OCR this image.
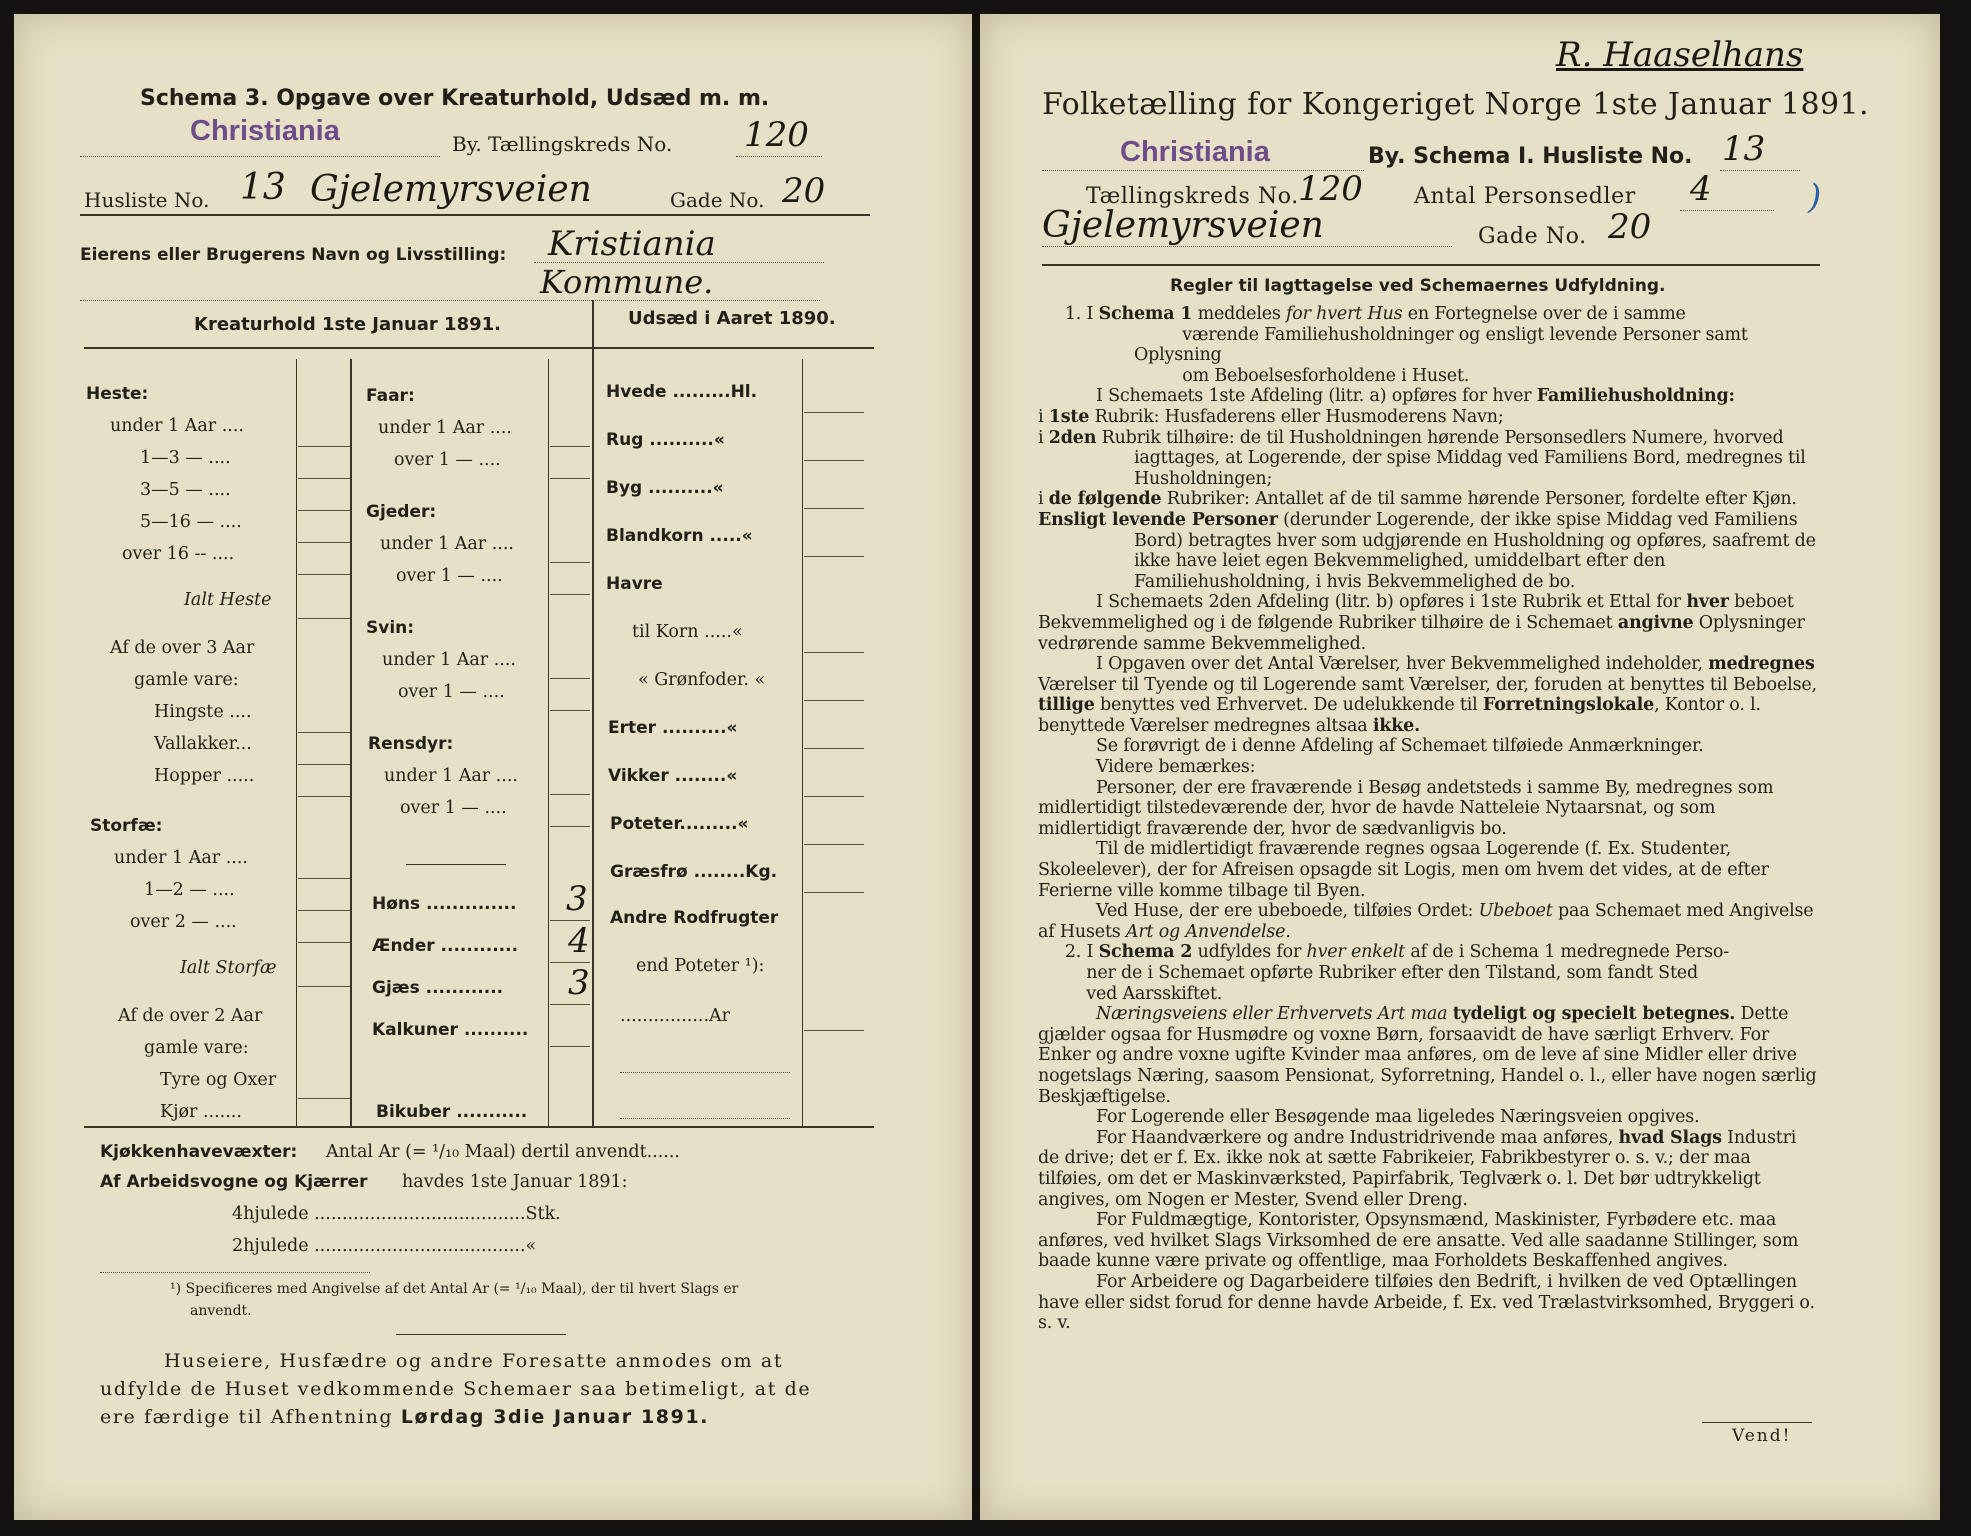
Schema 3. Opgave over Kreaturhold, Udsæd m. m.
Christiania	By. Tællingskreds No. 120
Husliste No. 13 Gjelemyrsveien	Gade No. 20
Eierens eller Brugerens Navn og Livsstilling: Kristiania
Kommune.
Kreaturhold 1ste Januar 1891.	Udsæd i Aaret 1890.
Heste:
under 1 Aar ....
1—3 — ....
3—5 — ....
5—16 — ....
over 16 -- ....
Ialt Heste
Af de over 3 Aar
gamle vare:
Hingste ....
Vallakker...
Hopper .....
Storfæ:
under 1 Aar ....
1—2 — ....
over 2 — ....
Ialt Storfæ
Af de over 2 Aar
gamle vare:
Tyre og Oxer
Kjør .......
Faar:
under 1 Aar ....
over 1 — ....
Gjeder:
under 1 Aar ....
over 1 — ....
Svin:
under 1 Aar ....
over 1 — ....
Rensdyr:
under 1 Aar ....
over 1 — ....
Høns .............. 3
Ænder ............ 4
Gjæs ............ 3
Kalkuner ..........
Bikuber ...........
Hvede .........Hl.
Rug ..........«
Byg ..........«
Blandkorn .....«
Havre
til Korn .....«
« Grønfoder. «
Erter ..........«
Vikker ........«
Poteter.........«
Græsfrø ........Kg.
Andre Rodfrugter
end Poteter ¹):
................Ar
Kjøkkenhavevæxter: Antal Ar (= ¹/₁₀ Maal) dertil anvendt......
Af Arbeidsvogne og Kjærrer havdes 1ste Januar 1891:
4hjulede ......................................Stk.
2hjulede ......................................«
¹) Specificeres med Angivelse af det Antal Ar (= ¹/₁₀ Maal), der til hvert Slags er
anvendt.
Huseiere, Husfædre og andre Foresatte anmodes om at
udfylde de Huset vedkommende Schemaer saa betimeligt, at de
ere færdige til Afhentning Lørdag 3die Januar 1891.
R. Haaselhans
Folketælling for Kongeriget Norge 1ste Januar 1891.
Christiania	By. Schema I. Husliste No. 13
Tællingskreds No. 120 Antal Personsedler 4	)
Gjelemyrsveien	Gade No. 20
Regler til Iagttagelse ved Schemaernes Udfyldning.

1. I Schema 1 meddeles for hvert Hus en Fortegnelse over de i samme
værende Familiehusholdninger og ensligt levende Personer samt Oplysning
om Beboelsesforholdene i Huset.

I Schemaets 1ste Afdeling (litr. a) opføres for hver Familiehusholdning:

i 1ste Rubrik: Husfaderens eller Husmoderens Navn;

i 2den Rubrik tilhøire: de til Husholdningen hørende Personsedlers Numere, hvorved iagttages, at Logerende, der spise Middag ved Familiens Bord, medregnes til Husholdningen;

i de følgende Rubriker: Antallet af de til samme hørende Personer, fordelte efter Kjøn.

Ensligt levende Personer (derunder Logerende, der ikke spise Middag ved Familiens Bord) betragtes hver som udgjørende en Husholdning og opføres, saafremt de ikke have leiet egen Bekvemmelighed, umiddelbart efter den Familiehusholdning, i hvis Bekvemmelighed de bo.

I Schemaets 2den Afdeling (litr. b) opføres i 1ste Rubrik et Ettal for hver beboet Bekvemmelighed og i de følgende Rubriker tilhøire de i Schemaet angivne Oplysninger vedrørende samme Bekvemmelighed.

I Opgaven over det Antal Værelser, hver Bekvemmelighed indeholder, medregnes Værelser til Tyende og til Logerende samt Værelser, der, foruden at benyttes til Beboelse, tillige benyttes ved Erhvervet. De udelukkende til Forretningslokale, Kontor o. l. benyttede Værelser medregnes altsaa ikke.

Se forøvrigt de i denne Afdeling af Schemaet tilføiede Anmærkninger.

Videre bemærkes:

Personer, der ere fraværende i Besøg andetsteds i samme By, medregnes som midlertidigt tilstedeværende der, hvor de havde Natteleie Nytaarsnat, og som midlertidigt fraværende der, hvor de sædvanligvis bo.

Til de midlertidigt fraværende regnes ogsaa Logerende (f. Ex. Studenter, Skoleelever), der for Afreisen opsagde sit Logis, men om hvem det vides, at de efter Ferierne ville komme tilbage til Byen.

Ved Huse, der ere ubeboede, tilføies Ordet: Ubeboet paa Schemaet med Angivelse af Husets Art og Anvendelse.

2. I Schema 2 udfyldes for hver enkelt af de i Schema 1 medregnede Perso-
ner de i Schemaet opførte Rubriker efter den Tilstand, som fandt Sted
ved Aarsskiftet.

Næringsveiens eller Erhvervets Art maa tydeligt og specielt betegnes. Dette gjælder ogsaa for Husmødre og voxne Børn, forsaavidt de have særligt Erhverv. For Enker og andre voxne ugifte Kvinder maa anføres, om de leve af sine Midler eller drive nogetslags Næring, saasom Pensionat, Syforretning, Handel o. l., eller have nogen særlig Beskjæftigelse.

For Logerende eller Besøgende maa ligeledes Næringsveien opgives.

For Haandværkere og andre Industridrivende maa anføres, hvad Slags Industri de drive; det er f. Ex. ikke nok at sætte Fabrikeier, Fabrikbestyrer o. s. v.; der maa tilføies, om det er Maskinværksted, Papirfabrik, Teglværk o. l. Det bør udtrykkeligt angives, om Nogen er Mester, Svend eller Dreng.

For Fuldmægtige, Kontorister, Opsynsmænd, Maskinister, Fyrbødere etc. maa anføres, ved hvilket Slags Virksomhed de ere ansatte. Ved alle saadanne Stillinger, som baade kunne være private og offentlige, maa Forholdets Beskaffenhed angives.

For Arbeidere og Dagarbeidere tilføies den Bedrift, i hvilken de ved Optællingen have eller sidst forud for denne havde Arbeide, f. Ex. ved Trælastvirksomhed, Bryggeri o. s. v.

Vend!
